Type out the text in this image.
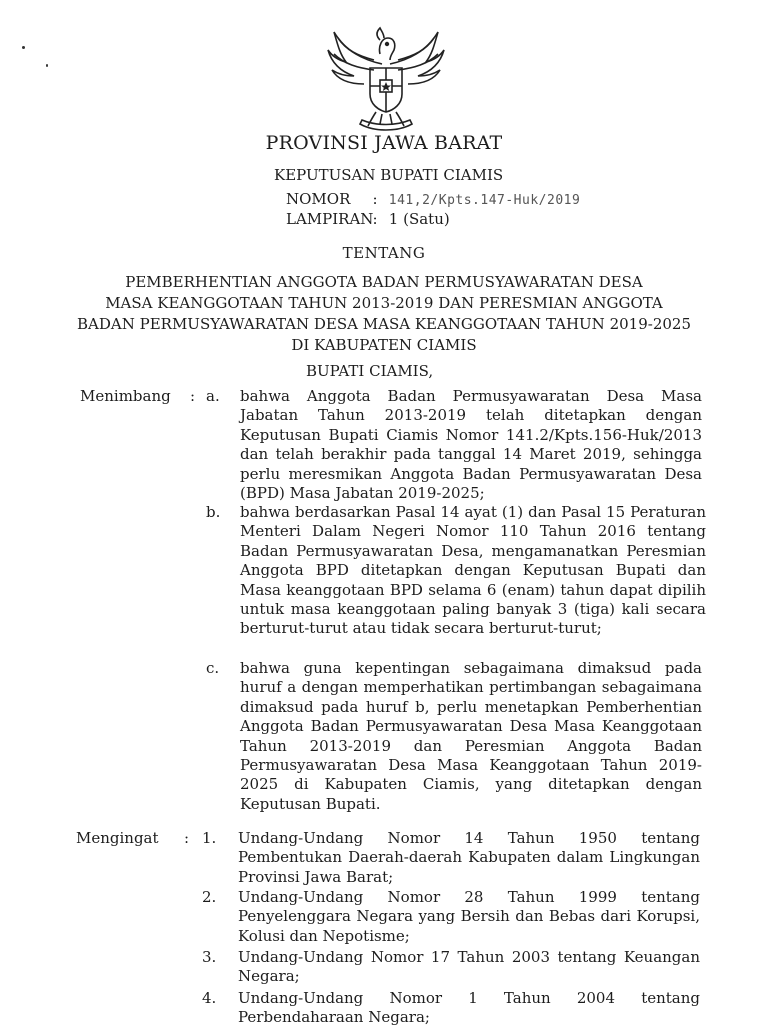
PROVINSI JAWA BARAT
KEPUTUSAN BUPATI CIAMIS
NOMOR : 141,2/Kpts.147-Huk/2019
LAMPIRAN: 1 (Satu)
TENTANG
PEMBERHENTIAN ANGGOTA BADAN PERMUSYAWARATAN DESA
MASA KEANGGOTAAN TAHUN 2013-2019 DAN PERESMIAN ANGGOTA
BADAN PERMUSYAWARATAN DESA MASA KEANGGOTAAN TAHUN 2019-2025
DI KABUPATEN CIAMIS
BUPATI CIAMIS,
Menimbang : a. bahwa Anggota Badan Permusyawaratan Desa Masa Jabatan Tahun 2013-2019 telah ditetapkan dengan Keputusan Bupati Ciamis Nomor 141.2/Kpts.156-Huk/2013 dan telah berakhir pada tanggal 14 Maret 2019, sehingga perlu meresmikan Anggota Badan Permusyawaratan Desa (BPD) Masa Jabatan 2019-2025;
b. bahwa berdasarkan Pasal 14 ayat (1) dan Pasal 15 Peraturan Menteri Dalam Negeri Nomor 110 Tahun 2016 tentang Badan Permusyawaratan Desa, mengamanatkan Peresmian Anggota BPD ditetapkan dengan Keputusan Bupati dan Masa keanggotaan BPD selama 6 (enam) tahun dapat dipilih untuk masa keanggotaan paling banyak 3 (tiga) kali secara berturut-turut atau tidak secara berturut-turut;
c. bahwa guna kepentingan sebagaimana dimaksud pada huruf a dengan memperhatikan pertimbangan sebagaimana dimaksud pada huruf b, perlu menetapkan Pemberhentian Anggota Badan Permusyawaratan Desa Masa Keanggotaan Tahun 2013-2019 dan Peresmian Anggota Badan Permusyawaratan Desa Masa Keanggotaan Tahun 2019-2025 di Kabupaten Ciamis, yang ditetapkan dengan Keputusan Bupati.
Mengingat : 1. Undang-Undang Nomor 14 Tahun 1950 tentang Pembentukan Daerah-daerah Kabupaten dalam Lingkungan Provinsi Jawa Barat;
2. Undang-Undang Nomor 28 Tahun 1999 tentang Penyelenggara Negara yang Bersih dan Bebas dari Korupsi, Kolusi dan Nepotisme;
3. Undang-Undang Nomor 17 Tahun 2003 tentang Keuangan Negara;
4. Undang-Undang Nomor 1 Tahun 2004 tentang Perbendaharaan Negara;
